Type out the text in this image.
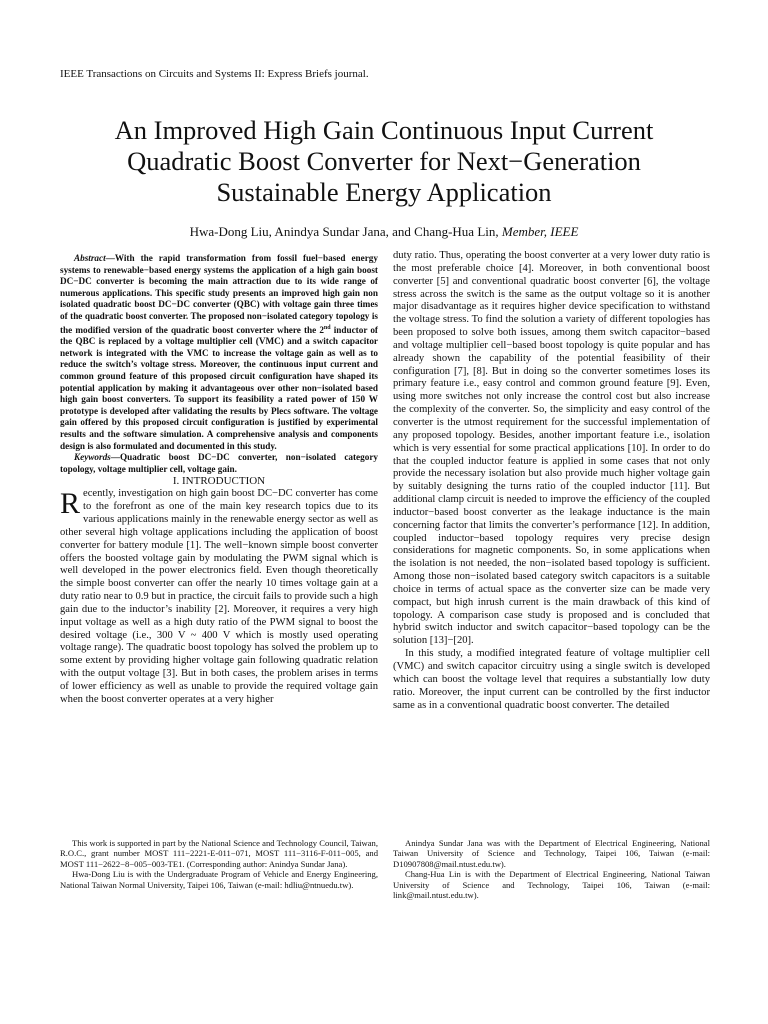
IEEE Transactions on Circuits and Systems II: Express Briefs journal.
An Improved High Gain Continuous Input Current
Quadratic Boost Converter for Next−Generation
Sustainable Energy Application
Hwa-Dong Liu, Anindya Sundar Jana, and Chang-Hua Lin, Member, IEEE

Abstract—With the rapid transformation from fossil fuel−based energy systems to renewable−based energy systems the application of a high gain boost DC−DC converter is becoming the main attraction due to its wide range of numerous applications. This specific study presents an improved high gain non isolated quadratic boost DC−DC converter (QBC) with voltage gain three times of the quadratic boost converter. The proposed non−isolated category topology is the modified version of the quadratic boost converter where the 2nd inductor of the QBC is replaced by a voltage multiplier cell (VMC) and a switch capacitor network is integrated with the VMC to increase the voltage gain as well as to reduce the switch’s voltage stress. Moreover, the continuous input current and common ground feature of this proposed circuit configuration have shaped its potential application by making it advantageous over other non−isolated based high gain boost converters. To support its feasibility a rated power of 150 W prototype is developed after validating the results by Plecs software. The voltage gain offered by this proposed circuit configuration is justified by experimental results and the software simulation. A comprehensive analysis and components design is also formulated and documented in this study.

Keywords—Quadratic boost DC−DC converter, non−isolated category topology, voltage multiplier cell, voltage gain.

I. INTRODUCTION

Recently, investigation on high gain boost DC−DC converter has come to the forefront as one of the main key research topics due to its various applications mainly in the renewable energy sector as well as other several high voltage applications including the application of boost converter for battery module [1]. The well−known simple boost converter offers the boosted voltage gain by modulating the PWM signal which is well developed in the power electronics field. Even though theoretically the simple boost converter can offer the nearly 10 times voltage gain at a duty ratio near to 0.9 but in practice, the circuit fails to provide such a high gain due to the inductor’s inability [2]. Moreover, it requires a very high input voltage as well as a high duty ratio of the PWM signal to boost the desired voltage (i.e., 300 V ~ 400 V which is mostly used operating voltage range). The quadratic boost topology has solved the problem up to some extent by providing higher voltage gain following quadratic relation with the output voltage [3]. But in both cases, the problem arises in terms of lower efficiency as well as unable to provide the required voltage gain when the boost converter operates at a very higher

duty ratio. Thus, operating the boost converter at a very lower duty ratio is the most preferable choice [4]. Moreover, in both conventional boost converter [5] and conventional quadratic boost converter [6], the voltage stress across the switch is the same as the output voltage so it is another major disadvantage as it requires higher device specification to withstand the voltage stress. To find the solution a variety of different topologies has been proposed to solve both issues, among them switch capacitor−based and voltage multiplier cell−based boost topology is quite popular and has already shown the capability of the potential feasibility of their configuration [7], [8]. But in doing so the converter sometimes loses its primary feature i.e., easy control and common ground feature [9]. Even, using more switches not only increase the control cost but also increase the complexity of the converter. So, the simplicity and easy control of the converter is the utmost requirement for the successful implementation of any proposed topology. Besides, another important feature i.e., isolation which is very essential for some practical applications [10]. In order to do that the coupled inductor feature is applied in some cases that not only provide the necessary isolation but also provide much higher voltage gain by suitably designing the turns ratio of the coupled inductor [11]. But additional clamp circuit is needed to improve the efficiency of the coupled inductor−based boost converter as the leakage inductance is the main concerning factor that limits the converter’s performance [12]. In addition, coupled inductor−based topology requires very precise design considerations for magnetic components. So, in some applications when the isolation is not needed, the non−isolated based topology is sufficient. Among those non−isolated based category switch capacitors is a suitable choice in terms of actual space as the converter size can be made very compact, but high inrush current is the main drawback of this kind of topology. A comparison case study is proposed and is concluded that hybrid switch inductor and switch capacitor−based topology can be the solution [13]−[20].

In this study, a modified integrated feature of voltage multiplier cell (VMC) and switch capacitor circuitry using a single switch is developed which can boost the voltage level that requires a substantially low duty ratio. Moreover, the input current can be controlled by the first inductor same as in a conventional quadratic boost converter. The detailed

This work is supported in part by the National Science and Technology Council, Taiwan, R.O.C., grant number MOST 111−2221-E-011−071, MOST 111−3116-F-011−005, and MOST 111−2622−8−005−003-TE1. (Corresponding author: Anindya Sundar Jana).

Hwa-Dong Liu is with the Undergraduate Program of Vehicle and Energy Engineering, National Taiwan Normal University, Taipei 106, Taiwan (e-mail: hdliu@ntnuedu.tw).

Anindya Sundar Jana was with the Department of Electrical Engineering, National Taiwan University of Science and Technology, Taipei 106, Taiwan (e-mail: D10907808@mail.ntust.edu.tw).

Chang-Hua Lin is with the Department of Electrical Engineering, National Taiwan University of Science and Technology, Taipei 106, Taiwan (e-mail: link@mail.ntust.edu.tw).
